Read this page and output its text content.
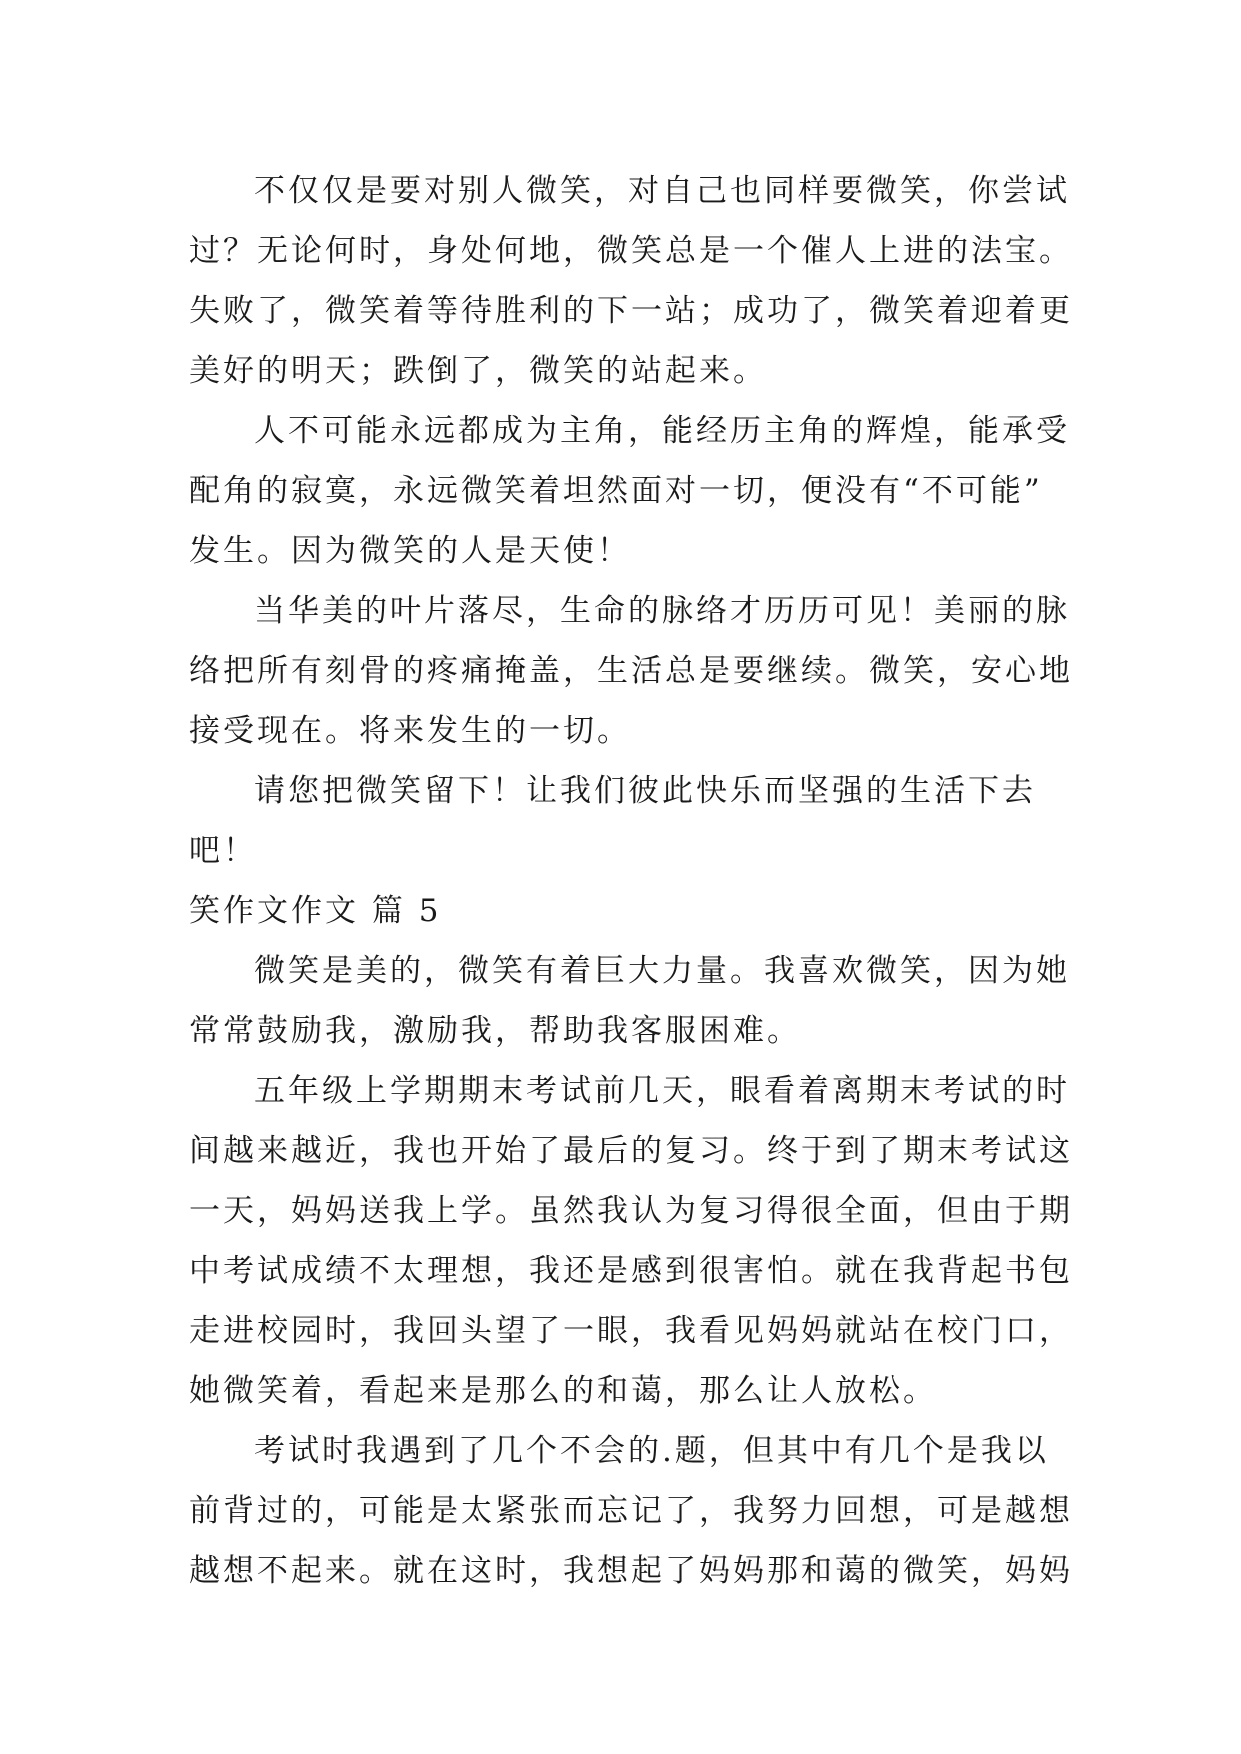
不仅仅是要对别人微笑，对自己也同样要微笑，你尝试
过？无论何时，身处何地，微笑总是一个催人上进的法宝。
失败了，微笑着等待胜利的下一站；成功了，微笑着迎着更
美好的明天；跌倒了，微笑的站起来。
人不可能永远都成为主角，能经历主角的辉煌，能承受
配角的寂寞，永远微笑着坦然面对一切，便没有“不可能”
发生。因为微笑的人是天使！
当华美的叶片落尽，生命的脉络才历历可见！美丽的脉
络把所有刻骨的疼痛掩盖，生活总是要继续。微笑，安心地
接受现在。将来发生的一切。
请您把微笑留下！让我们彼此快乐而坚强的生活下去
吧！
笑作文作文 篇 5
微笑是美的，微笑有着巨大力量。我喜欢微笑，因为她
常常鼓励我，激励我，帮助我客服困难。
五年级上学期期末考试前几天，眼看着离期末考试的时
间越来越近，我也开始了最后的复习。终于到了期末考试这
一天，妈妈送我上学。虽然我认为复习得很全面，但由于期
中考试成绩不太理想，我还是感到很害怕。就在我背起书包
走进校园时，我回头望了一眼，我看见妈妈就站在校门口，
她微笑着，看起来是那么的和蔼，那么让人放松。
考试时我遇到了几个不会的.题，但其中有几个是我以
前背过的，可能是太紧张而忘记了，我努力回想，可是越想
越想不起来。就在这时，我想起了妈妈那和蔼的微笑，妈妈
